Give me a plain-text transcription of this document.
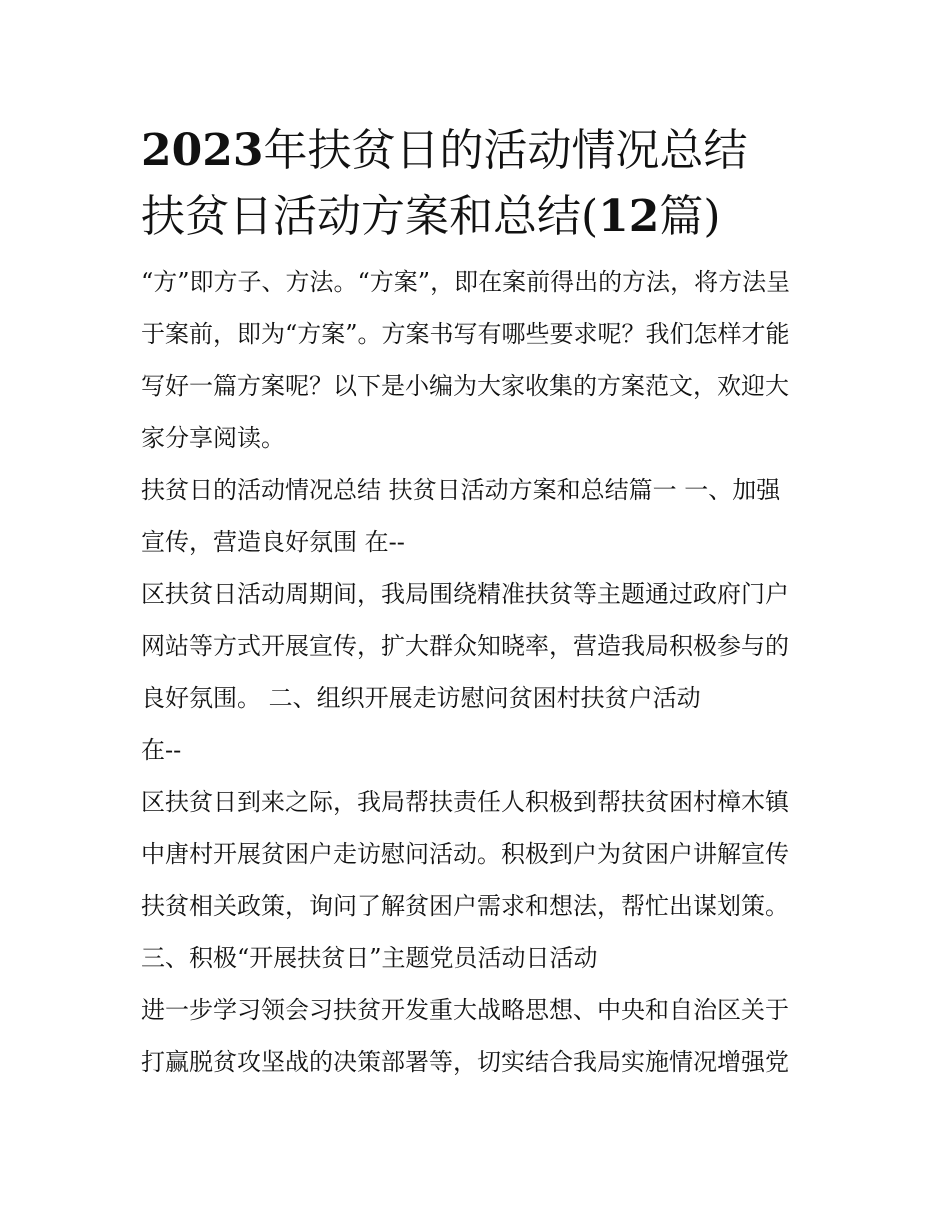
2023年扶贫日的活动情况总结
扶贫日活动方案和总结(12篇)
“方”即方子、方法。“方案”，即在案前得出的方法，将方法呈
于案前，即为“方案”。方案书写有哪些要求呢？我们怎样才能
写好一篇方案呢？以下是小编为大家收集的方案范文，欢迎大
家分享阅读。
扶贫日的活动情况总结 扶贫日活动方案和总结篇一 一、加强
宣传，营造良好氛围 在--
区扶贫日活动周期间，我局围绕精准扶贫等主题通过政府门户
网站等方式开展宣传，扩大群众知晓率，营造我局积极参与的
良好氛围。 二、组织开展走访慰问贫困村扶贫户活动
在--
区扶贫日到来之际，我局帮扶责任人积极到帮扶贫困村樟木镇
中唐村开展贫困户走访慰问活动。积极到户为贫困户讲解宣传
扶贫相关政策，询问了解贫困户需求和想法，帮忙出谋划策。
三、积极“开展扶贫日”主题党员活动日活动
进一步学习领会习扶贫开发重大战略思想、中央和自治区关于
打赢脱贫攻坚战的决策部署等，切实结合我局实施情况增强党
